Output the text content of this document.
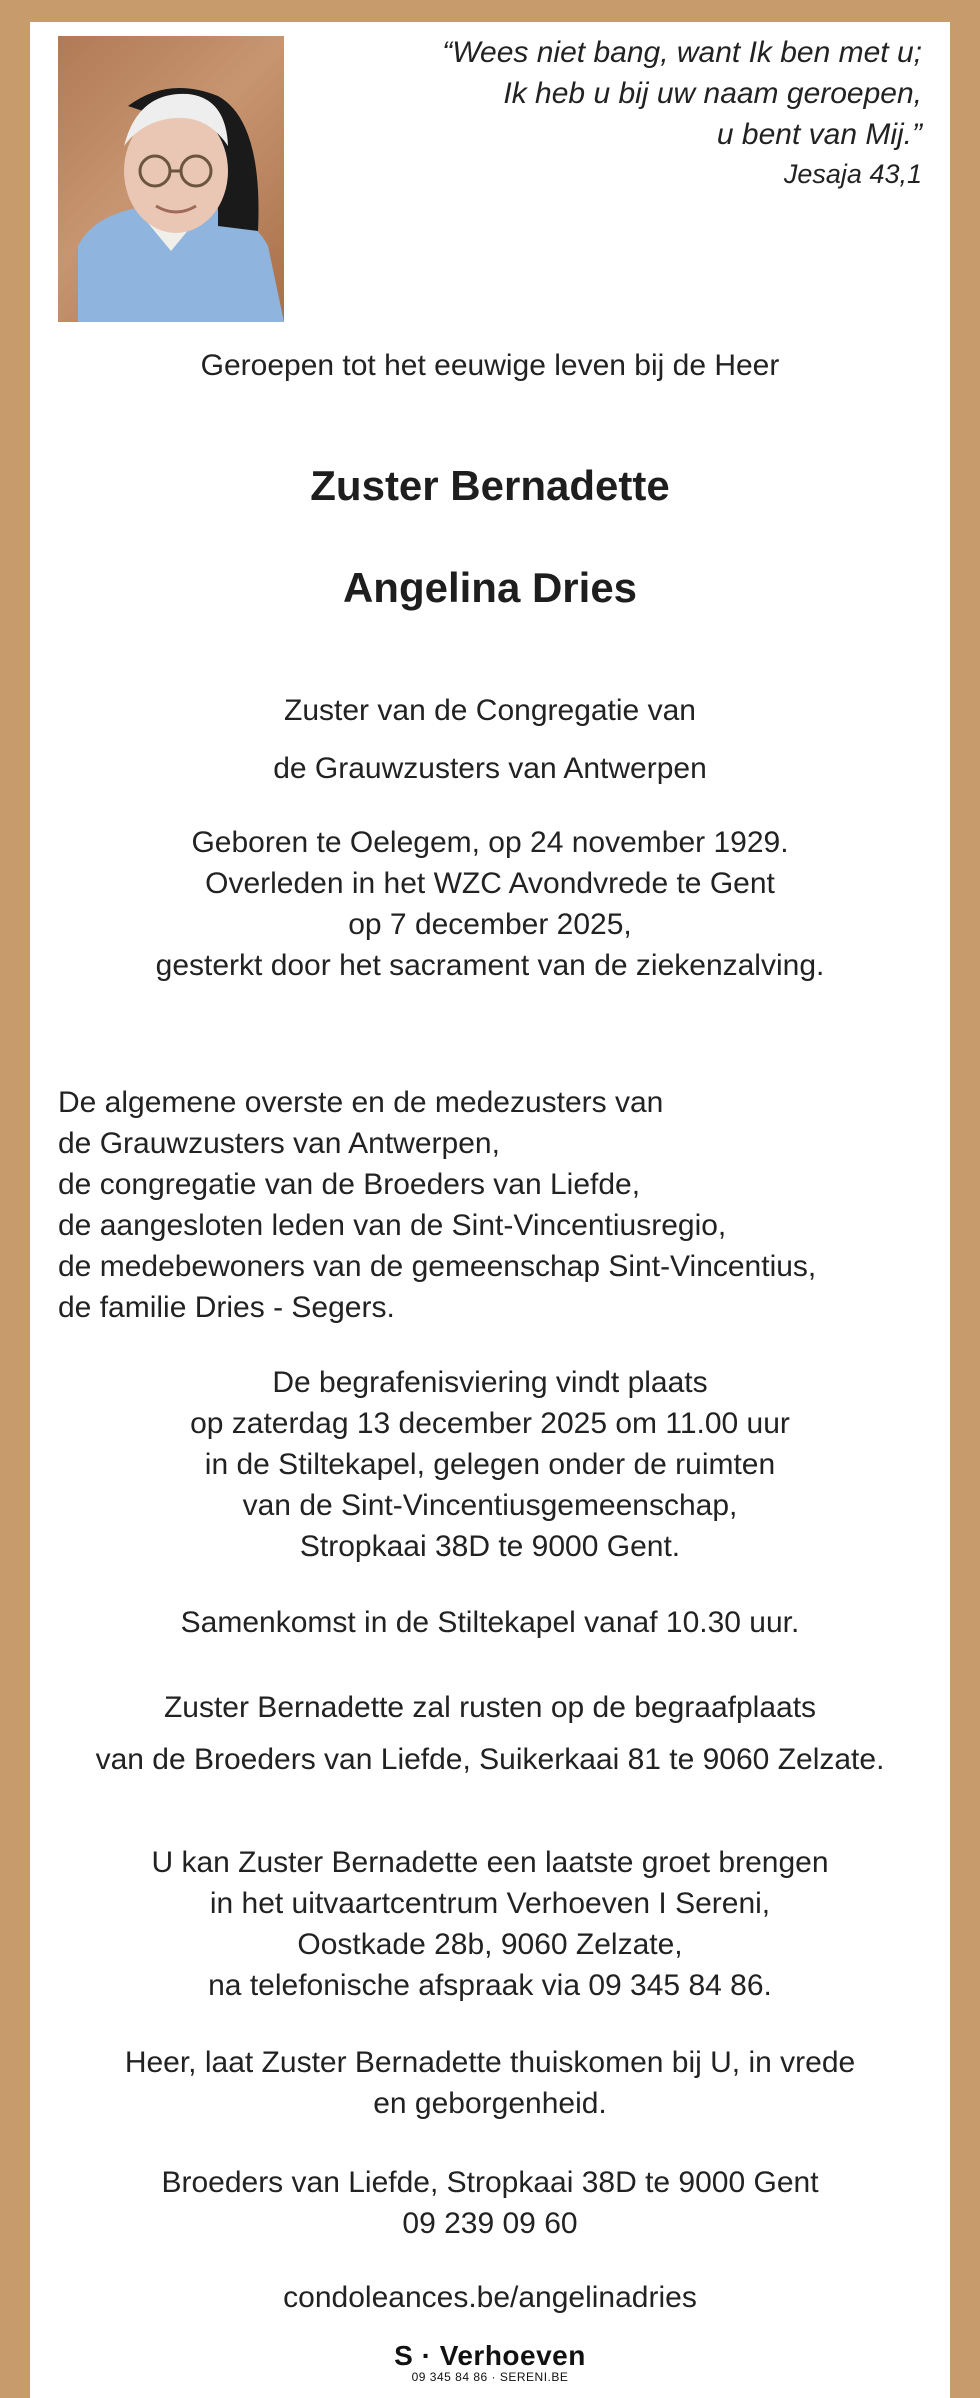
“Wees niet bang, want Ik ben met u;
Ik heb u bij uw naam geroepen,
u bent van Mij.”
Jesaja 43,1
Geroepen tot het eeuwige leven bij de Heer
Zuster Bernadette
Angelina Dries
Zuster van de Congregatie van
de Grauwzusters van Antwerpen
Geboren te Oelegem, op 24 november 1929.
Overleden in het WZC Avondvrede te Gent
op 7 december 2025,
gesterkt door het sacrament van de ziekenzalving.
De algemene overste en de medezusters van
de Grauwzusters van Antwerpen,
de congregatie van de Broeders van Liefde,
de aangesloten leden van de Sint-Vincentiusregio,
de medebewoners van de gemeenschap Sint-Vincentius,
de familie Dries - Segers.
De begrafenisviering vindt plaats
op zaterdag 13 december 2025 om 11.00 uur
in de Stiltekapel, gelegen onder de ruimten
van de Sint-Vincentiusgemeenschap,
Stropkaai 38D te 9000 Gent.
Samenkomst in de Stiltekapel vanaf 10.30 uur.
Zuster Bernadette zal rusten op de begraafplaats
van de Broeders van Liefde, Suikerkaai 81 te 9060 Zelzate.
U kan Zuster Bernadette een laatste groet brengen
in het uitvaartcentrum Verhoeven I Sereni,
Oostkade 28b, 9060 Zelzate,
na telefonische afspraak via 09 345 84 86.
Heer, laat Zuster Bernadette thuiskomen bij U, in vrede
en geborgenheid.
Broeders van Liefde, Stropkaai 38D te 9000 Gent
09 239 09 60
condoleances.be/angelinadries
S · Verhoeven
09 345 84 86 · SERENI.BE
